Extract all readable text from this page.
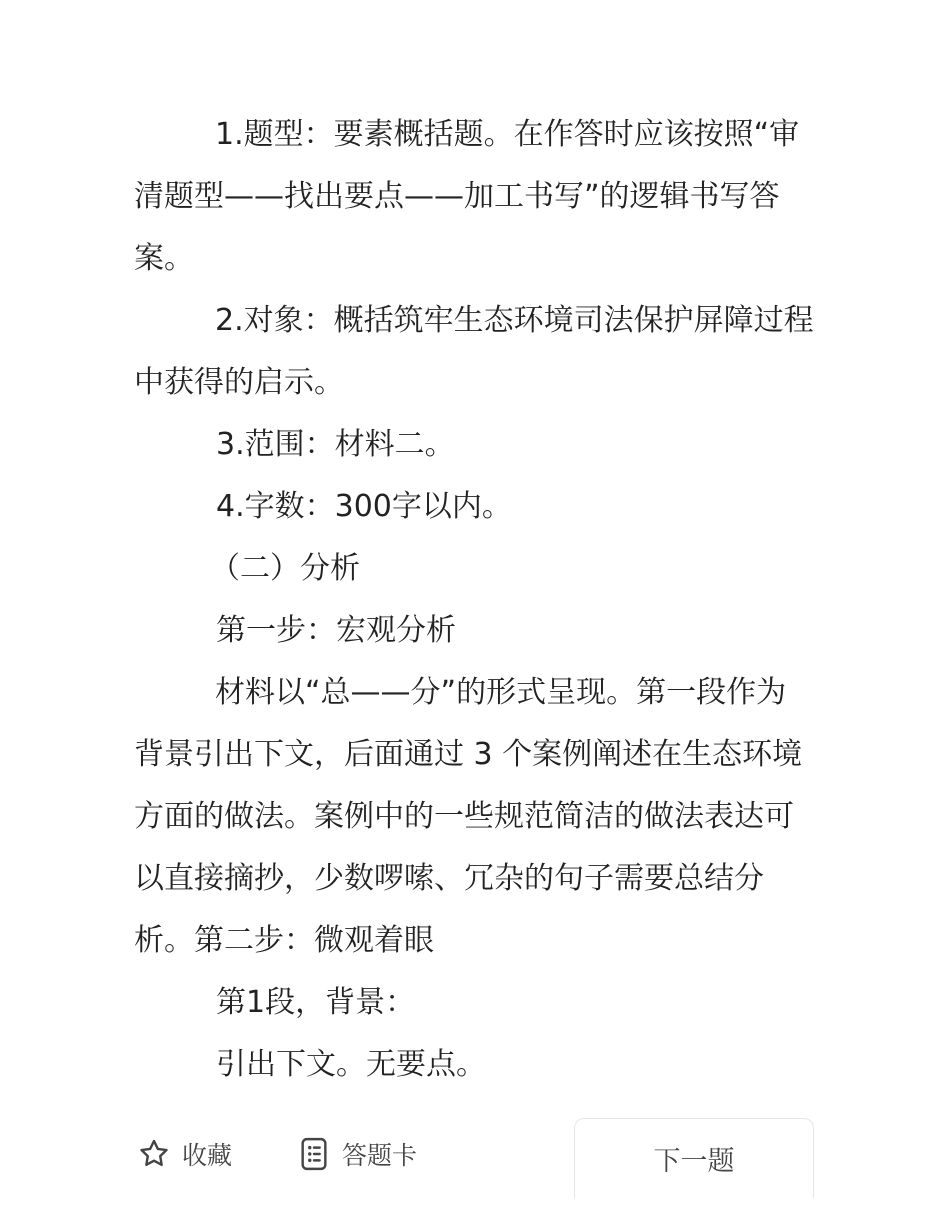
1.题型：要素概括题。在作答时应该按照“审清题型——找出要点——加工书写”的逻辑书写答案。

2.对象：概括筑牢生态环境司法保护屏障过程中获得的启示。

3.范围：材料二。

4.字数：300字以内。

（二）分析

第一步：宏观分析

材料以“总——分”的形式呈现。第一段作为背景引出下文，后面通过 3 个案例阐述在生态环境方面的做法。案例中的一些规范简洁的做法表达可以直接摘抄，少数啰嗦、冗杂的句子需要总结分析。第二步：微观着眼

第1段，背景：

引出下文。无要点。

收藏	答题卡	下一题
